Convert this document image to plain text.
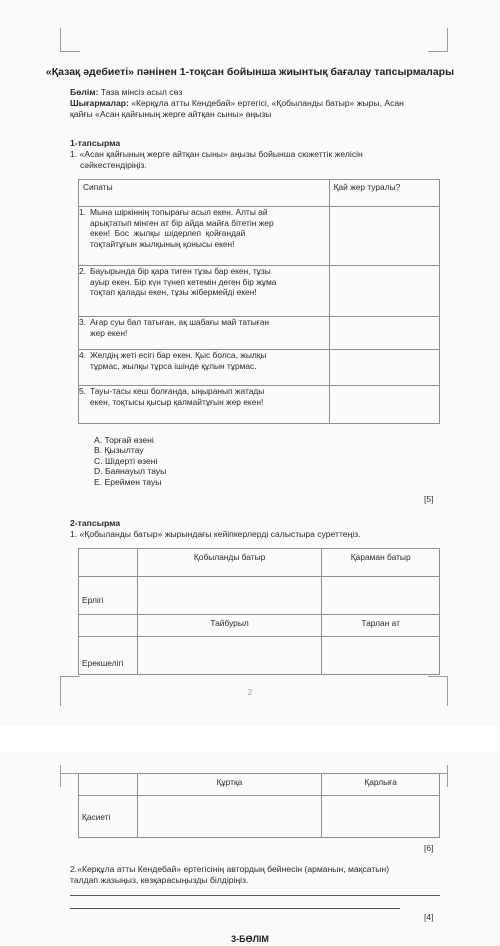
«Қазақ әдебиеті» пәнінен 1-тоқсан бойынша жиынтық бағалау тапсырмалары
Бөлім: Таза мінсіз асыл сөз
Шығармалар: «Керқұла атты Кендебай» ертегісі, «Қобыланды батыр» жыры, Асан
қайғы «Асан қайғының жерге айтқан сыны» аңызы
1-тапсырма
1. «Асан қайғының жерге айтқан сыны» аңызы бойынша сюжеттік желісін
сәйкестендіріңіз.
Сипаты	Қай жер туралы?

1. Мына шіркіннің топырағы асыл екен. Алты ай
арықтатып мінген ат бір айда майға бітетін жер
екен!  Бос  жылқы  шідерлеп  қойғандай
тоқтайтұғын жылқының қонысы екен!	

2. Бауырында бір қара тиген тұзы бар екен, тұзы
ауыр екен. Бір күн түнеп кетемін деген бір жұма
тоқтап қалады екен, тұзы жібермейді екен!	

3. Ағар суы бал татыған, ақ шабағы май татыған
жер екен!	

4. Желдің жеті есігі бар екен. Қыс болса, жылқы
тұрмас, жылқы тұрса ішінде құлын тұрмас.	

5. Тауы-тасы кеш болғанда, ыңыранып жатады
екен, тоқтысы қысыр қалмайтұғын жер екен!	

A. Торғай өзені
B. Қызылтау
C. Шідерті өзені
D. Баянауыл тауы
E. Ереймен тауы
[5]
2-тапсырма
1. «Қобыланды батыр» жырындағы кейіпкерлерді салыстыра суреттеңіз.
	Қобыланды батыр	Қараман батыр
Ерлігі		
	Тайбурыл	Тарлан ат
Ерекшелігі		
2
	Құртқа	Қарлыға
Қасиеті		
[6]
2.«Керқұла атты Кендебай» ертегісінің автордың бейнесін (арманын, мақсатын)
талдап жазыңыз, көзқарасыңызды білдіріңіз.
[4]
3-БӨЛІМ
